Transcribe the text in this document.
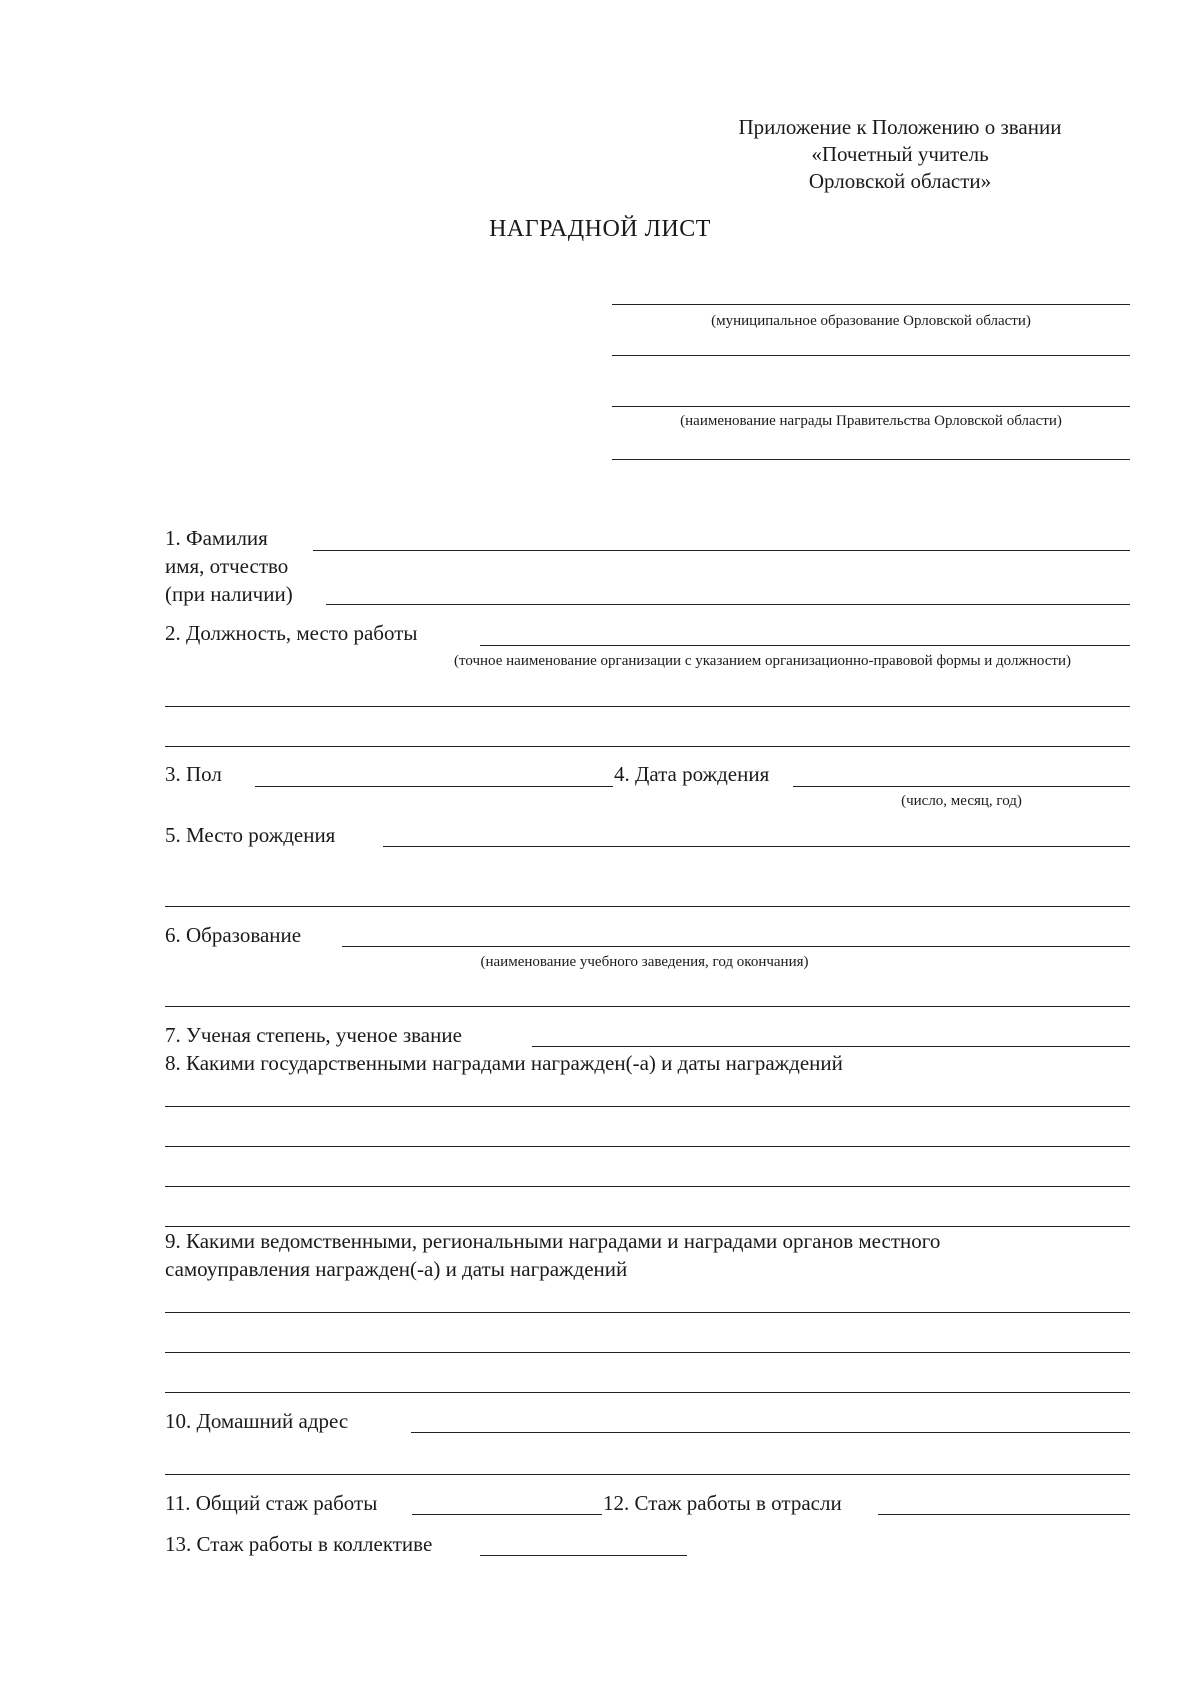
Приложение к Положению о звании
«Почетный учитель
Орловской области»
НАГРАДНОЙ ЛИСТ
(муниципальное образование Орловской области)
(наименование награды Правительства Орловской области)
1. Фамилия
имя, отчество
(при наличии)
2. Должность, место работы
(точное наименование организации с указанием организационно-правовой формы и должности)
3. Пол	4. Дата рождения
(число, месяц, год)
5. Место рождения
6. Образование
(наименование учебного заведения, год окончания)
7. Ученая степень, ученое звание
8. Какими государственными наградами награжден(-а) и даты награждений
9. Какими ведомственными, региональными наградами и наградами органов местного
самоуправления награжден(-а) и даты награждений
10. Домашний адрес
11. Общий стаж работы	12. Стаж работы в отрасли
13. Стаж работы в коллективе
